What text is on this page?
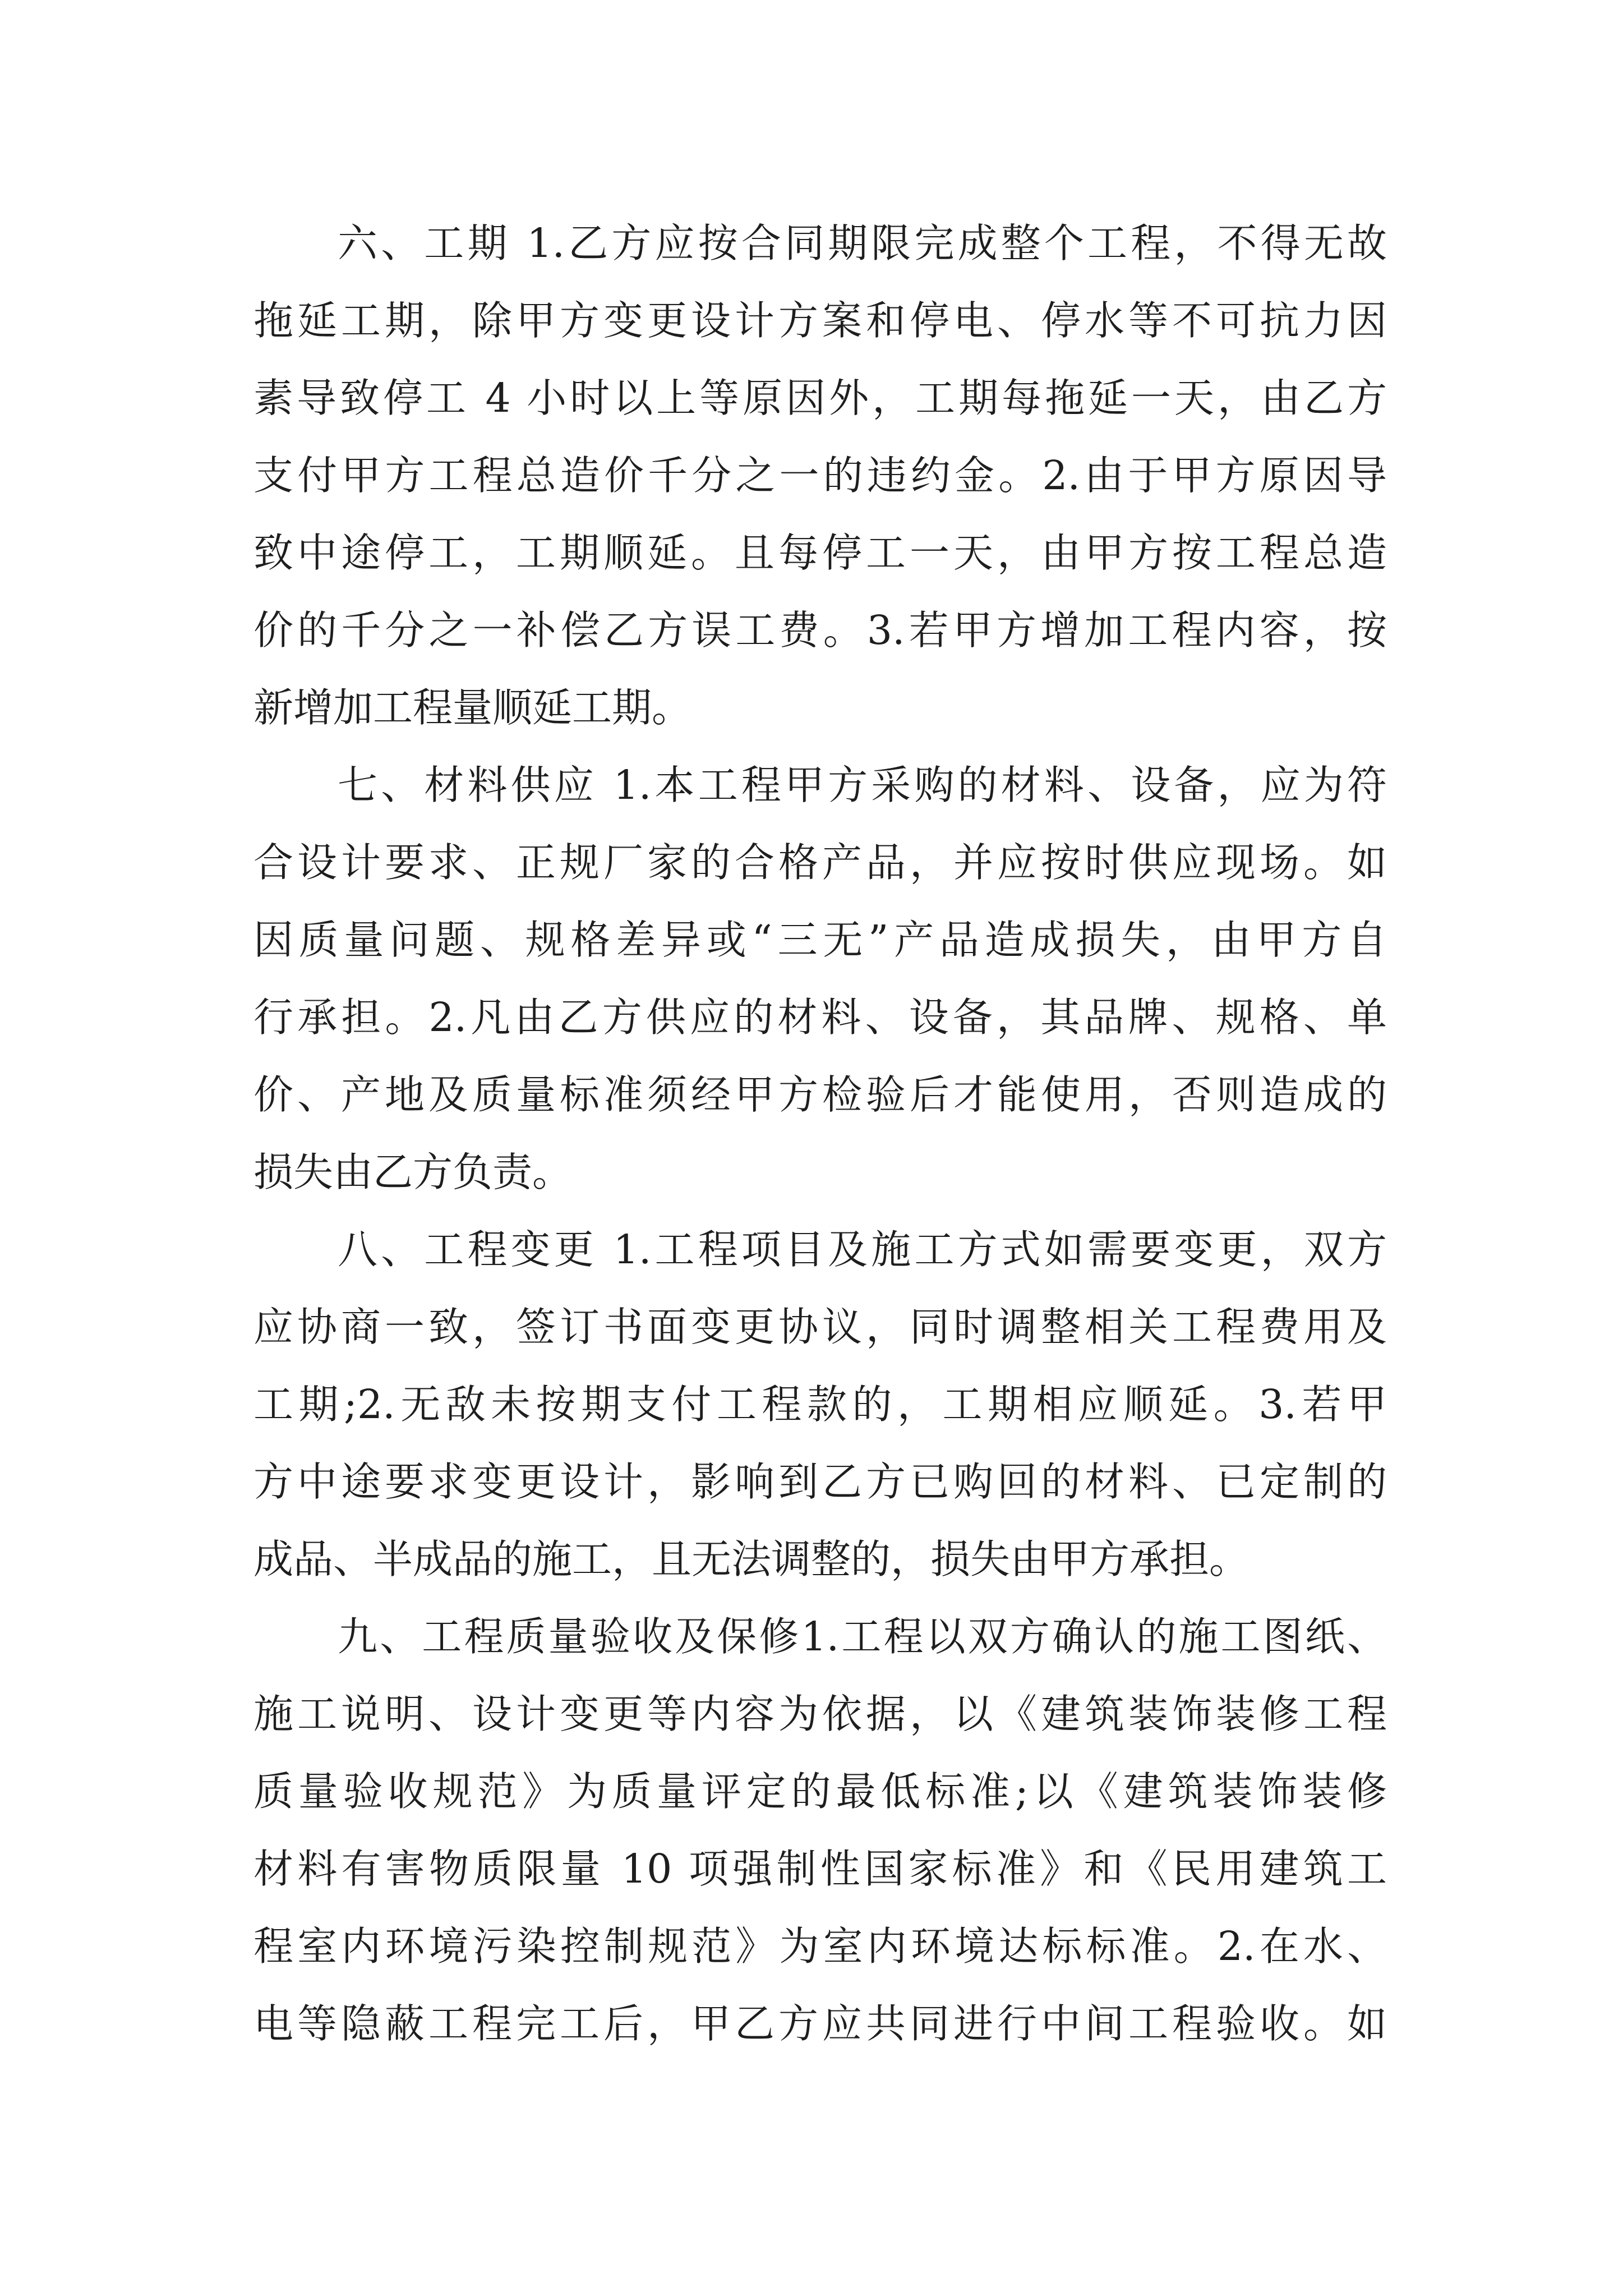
六、工期 1.乙方应按合同期限完成整个工程，不得无故
拖延工期，除甲方变更设计方案和停电、停水等不可抗力因
素导致停工 4 小时以上等原因外，工期每拖延一天，由乙方
支付甲方工程总造价千分之一的违约金。2.由于甲方原因导
致中途停工，工期顺延。且每停工一天，由甲方按工程总造
价的千分之一补偿乙方误工费。3.若甲方增加工程内容，按
新增加工程量顺延工期。
七、材料供应 1.本工程甲方采购的材料、设备，应为符
合设计要求、正规厂家的合格产品，并应按时供应现场。如
因质量问题、规格差异或“三无”产品造成损失，由甲方自
行承担。2.凡由乙方供应的材料、设备，其品牌、规格、单
价、产地及质量标准须经甲方检验后才能使用，否则造成的
损失由乙方负责。
八、工程变更 1.工程项目及施工方式如需要变更，双方
应协商一致，签订书面变更协议，同时调整相关工程费用及
工期;2.无敌未按期支付工程款的，工期相应顺延。3.若甲
方中途要求变更设计，影响到乙方已购回的材料、已定制的
成品、半成品的施工，且无法调整的，损失由甲方承担。
九、工程质量验收及保修1.工程以双方确认的施工图纸、
施工说明、设计变更等内容为依据，以《建筑装饰装修工程
质量验收规范》为质量评定的最低标准;以《建筑装饰装修
材料有害物质限量 10 项强制性国家标准》和《民用建筑工
程室内环境污染控制规范》为室内环境达标标准。2.在水、
电等隐蔽工程完工后，甲乙方应共同进行中间工程验收。如
